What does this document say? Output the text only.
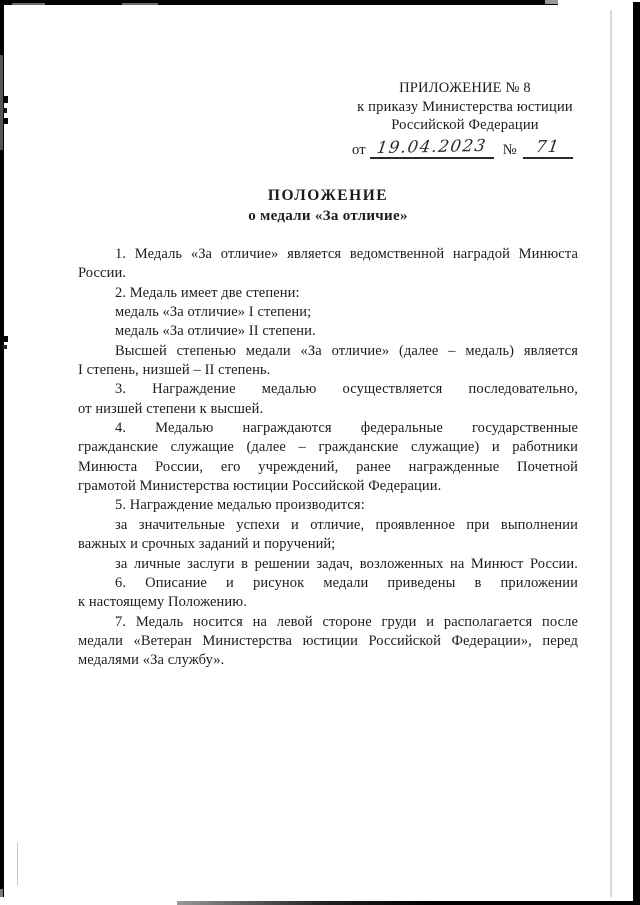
ПРИЛОЖЕНИЕ № 8
к приказу Министерства юстиции
Российской Федерации
от 19.04.2023	№	71
ПОЛОЖЕНИЕ
о медали «За отличие»
1. Медаль «За отличие» является ведомственной наградой Минюста
России.
2. Медаль имеет две степени:
медаль «За отличие» I степени;
медаль «За отличие» II степени.
Высшей степенью медали «За отличие» (далее – медаль) является
I степень, низшей – II степень.
3. Награждение медалью осуществляется последовательно,
от низшей степени к высшей.
4. Медалью награждаются федеральные государственные
гражданские служащие (далее – гражданские служащие) и работники
Минюста России, его учреждений, ранее награжденные Почетной
грамотой Министерства юстиции Российской Федерации.
5. Награждение медалью производится:
за значительные успехи и отличие, проявленное при выполнении
важных и срочных заданий и поручений;
за личные заслуги в решении задач, возложенных на Минюст России.
6. Описание и рисунок медали приведены в приложении
к настоящему Положению.
7. Медаль носится на левой стороне груди и располагается после
медали «Ветеран Министерства юстиции Российской Федерации», перед
медалями «За службу».
